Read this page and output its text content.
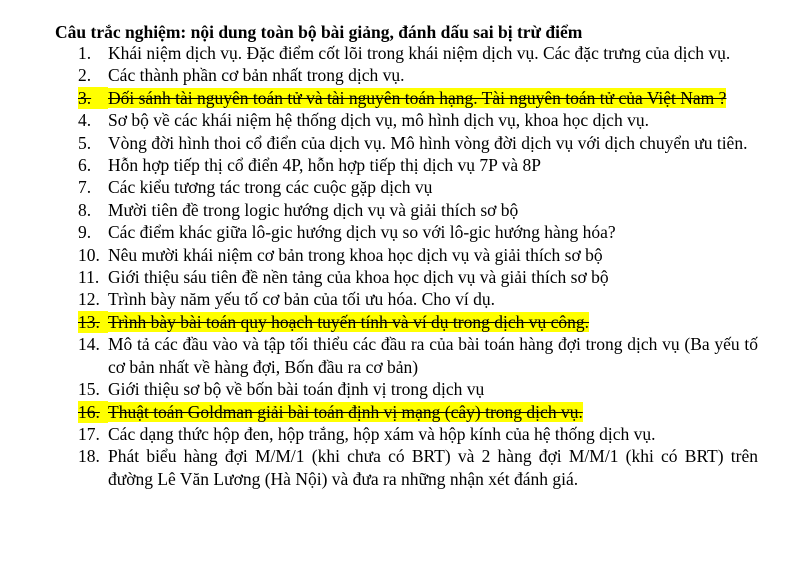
Câu trắc nghiệm: nội dung toàn bộ bài giảng, đánh dấu sai bị trừ điểm
1. Khái niệm dịch vụ. Đặc điểm cốt lõi trong khái niệm dịch vụ. Các đặc trưng của dịch vụ.
2. Các thành phần cơ bản nhất trong dịch vụ.
3. Đối sánh tài nguyên toán tử và tài nguyên toán hạng. Tài nguyên toán tử của Việt Nam ?
4. Sơ bộ về các khái niệm hệ thống dịch vụ, mô hình dịch vụ, khoa học dịch vụ.
5. Vòng đời hình thoi cổ điển của dịch vụ. Mô hình vòng đời dịch vụ với dịch chuyển ưu tiên.
6. Hỗn hợp tiếp thị cổ điển 4P, hỗn hợp tiếp thị dịch vụ 7P và 8P
7. Các kiểu tương tác trong các cuộc gặp dịch vụ
8. Mười tiên đề trong logic hướng dịch vụ và giải thích sơ bộ
9. Các điểm khác giữa lô-gic hướng dịch vụ so với lô-gic hướng hàng hóa?
10. Nêu mười khái niệm cơ bản trong khoa học dịch vụ và giải thích sơ bộ
11. Giới thiệu sáu tiên đề nền tảng của khoa học dịch vụ và giải thích sơ bộ
12. Trình bày năm yếu tố cơ bản của tối ưu hóa. Cho ví dụ.
13. Trình bày bài toán quy hoạch tuyến tính và ví dụ trong dịch vụ công.
14. Mô tả các đầu vào và tập tối thiểu các đầu ra của bài toán hàng đợi trong dịch vụ (Ba yếu tố cơ bản nhất về hàng đợi, Bốn đầu ra cơ bản)
15. Giới thiệu sơ bộ về bốn bài toán định vị trong dịch vụ
16. Thuật toán Goldman giải bài toán định vị mạng (cây) trong dịch vụ.
17. Các dạng thức hộp đen, hộp trắng, hộp xám và hộp kính của hệ thống dịch vụ.
18. Phát biểu hàng đợi M/M/1 (khi chưa có BRT) và 2 hàng đợi M/M/1 (khi có BRT) trên đường Lê Văn Lương (Hà Nội) và đưa ra những nhận xét đánh giá.
